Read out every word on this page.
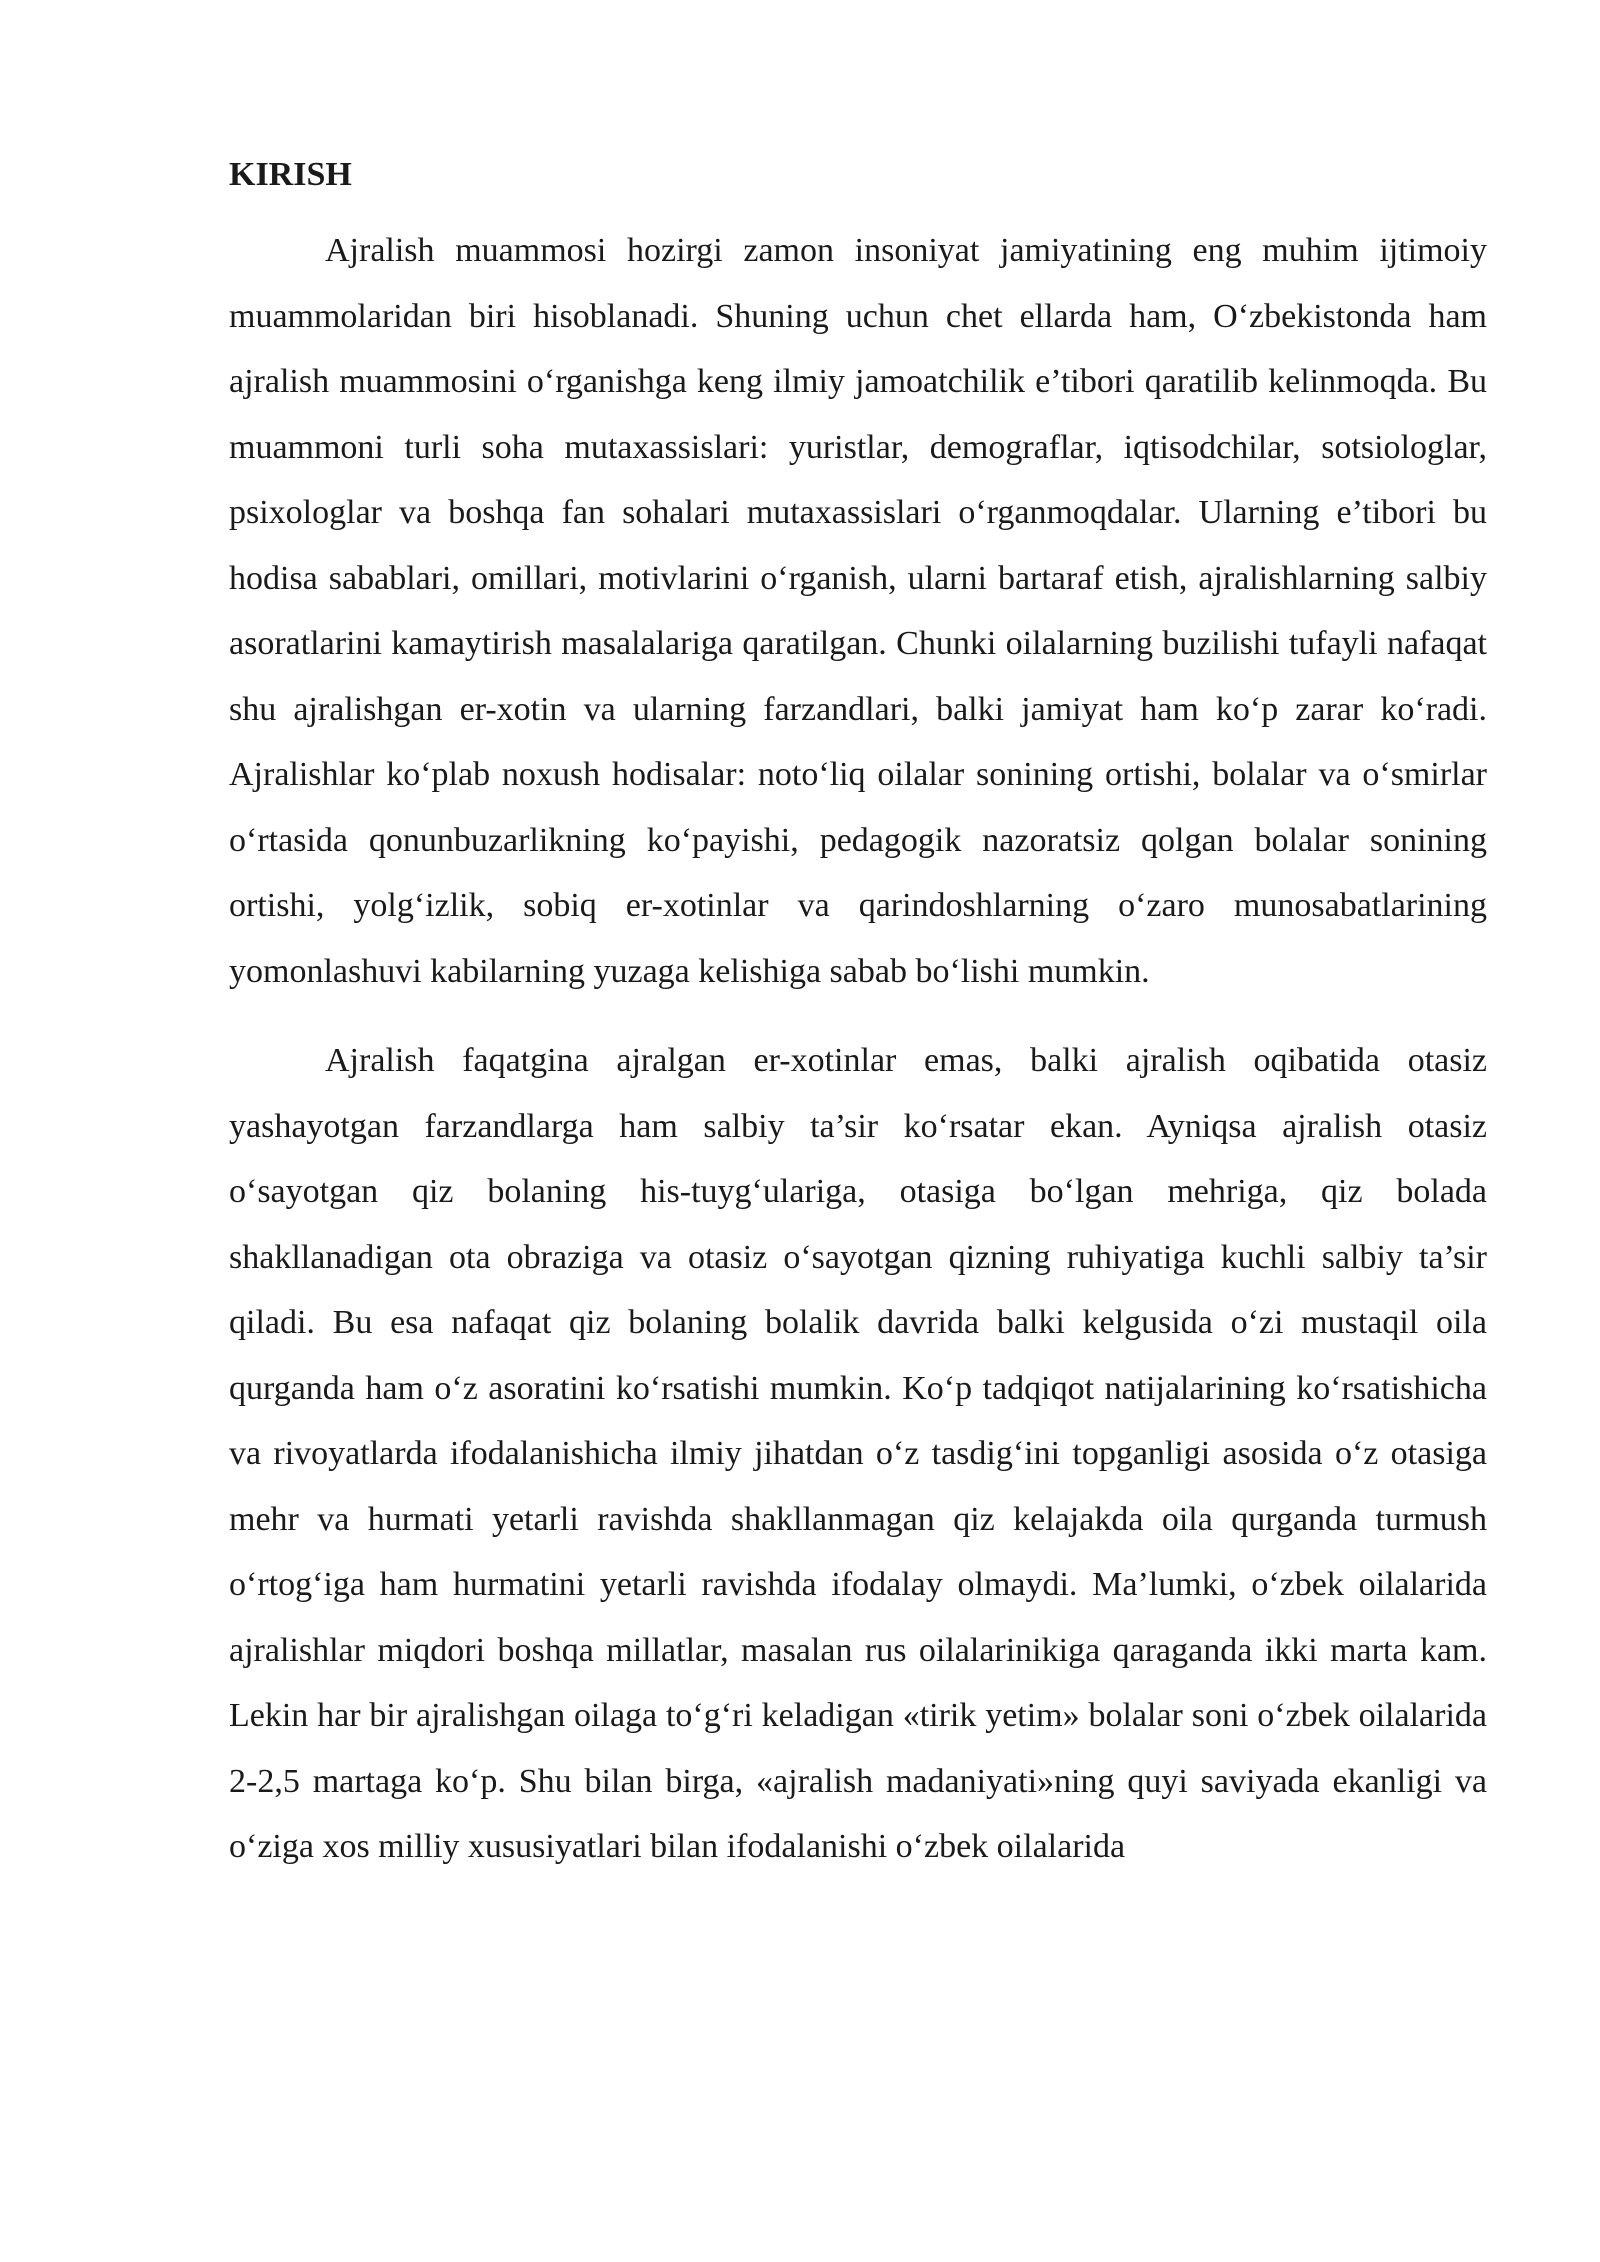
KIRISH

Ajralish muammosi hozirgi zamon insoniyat jamiyatining eng muhim ijtimoiy muammolaridan biri hisoblanadi. Shuning uchun chet ellarda ham, O‘zbekistonda ham ajralish muammosini o‘rganishga keng ilmiy jamoatchilik e’tibori qaratilib kelinmoqda. Bu muammoni turli soha mutaxassislari: yuristlar, demograflar, iqtisodchilar, sotsiologlar, psixologlar va boshqa fan sohalari mutaxassislari o‘rganmoqdalar. Ularning e’tibori bu hodisa sabablari, omillari, motivlarini o‘rganish, ularni bartaraf etish, ajralishlarning salbiy asoratlarini kamaytirish masalalariga qaratilgan. Chunki oilalarning buzilishi tufayli nafaqat shu ajralishgan er-xotin va ularning farzandlari, balki jamiyat ham ko‘p zarar ko‘radi. Ajralishlar ko‘plab noxush hodisalar: noto‘liq oilalar sonining ortishi, bolalar va o‘smirlar o‘rtasida qonunbuzarlikning ko‘payishi, pedagogik nazoratsiz qolgan bolalar sonining ortishi, yolg‘izlik, sobiq er-xotinlar va qarindoshlarning o‘zaro munosabatlarining yomonlashuvi kabilarning yuzaga kelishiga sabab bo‘lishi mumkin.

Ajralish faqatgina ajralgan er-xotinlar emas, balki ajralish oqibatida otasiz yashayotgan farzandlarga ham salbiy ta’sir ko‘rsatar ekan. Ayniqsa ajralish otasiz o‘sayotgan qiz bolaning his-tuyg‘ulariga, otasiga bo‘lgan mehriga, qiz bolada shakllanadigan ota obraziga va otasiz o‘sayotgan qizning ruhiyatiga kuchli salbiy ta’sir qiladi. Bu esa nafaqat qiz bolaning bolalik davrida balki kelgusida o‘zi mustaqil oila qurganda ham o‘z asoratini ko‘rsatishi mumkin. Ko‘p tadqiqot natijalarining ko‘rsatishicha va rivoyatlarda ifodalanishicha ilmiy jihatdan o‘z tasdig‘ini topganligi asosida o‘z otasiga mehr va hurmati yetarli ravishda shakllanmagan qiz kelajakda oila qurganda turmush o‘rtog‘iga ham hurmatini yetarli ravishda ifodalay olmaydi. Ma’lumki, o‘zbek oilalarida ajralishlar miqdori boshqa millatlar, masalan rus oilalarinikiga qaraganda ikki marta kam. Lekin har bir ajralishgan oilaga to‘g‘ri keladigan «tirik yetim» bolalar soni o‘zbek oilalarida 2-2,5 martaga ko‘p. Shu bilan birga, «ajralish madaniyati»ning quyi saviyada ekanligi va o‘ziga xos milliy xususiyatlari bilan ifodalanishi o‘zbek oilalarida
